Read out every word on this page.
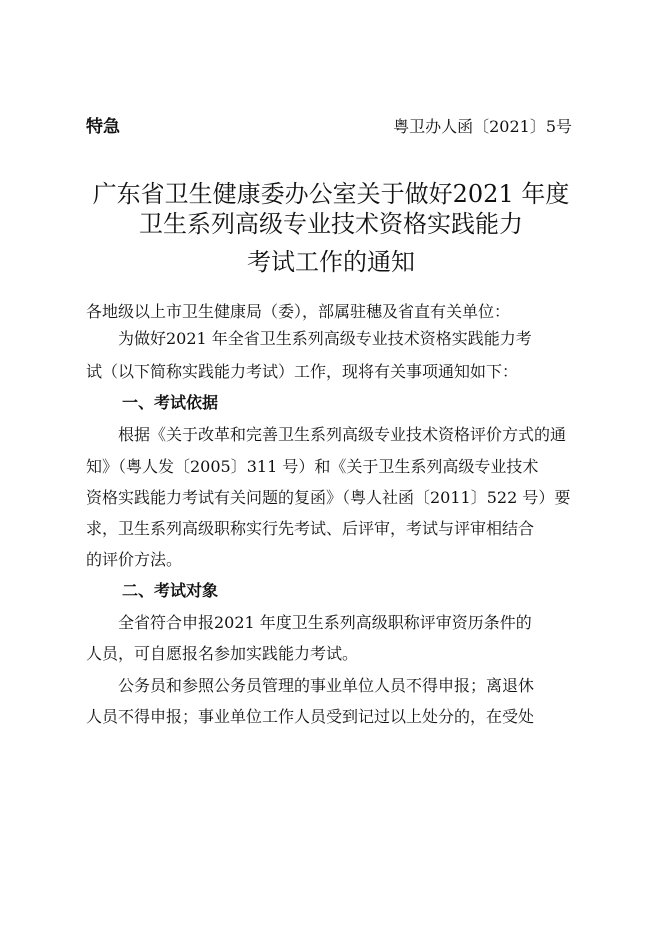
特急	粤卫办人函〔2021〕5号
广东省卫生健康委办公室关于做好2021 年度
卫生系列高级专业技术资格实践能力
考试工作的通知
各地级以上市卫生健康局（委），部属驻穗及省直有关单位：
　　为做好2021 年全省卫生系列高级专业技术资格实践能力考
试（以下简称实践能力考试）工作，现将有关事项通知如下：
一、考试依据
　　根据《关于改革和完善卫生系列高级专业技术资格评价方式的通
知》（粤人发〔2005〕311 号）和《关于卫生系列高级专业技术
资格实践能力考试有关问题的复函》（粤人社函〔2011〕522 号）要
求，卫生系列高级职称实行先考试、后评审，考试与评审相结合
的评价方法。
二、考试对象
　　全省符合申报2021 年度卫生系列高级职称评审资历条件的
人员，可自愿报名参加实践能力考试。
　　公务员和参照公务员管理的事业单位人员不得申报；离退休
人员不得申报；事业单位工作人员受到记过以上处分的，在受处
